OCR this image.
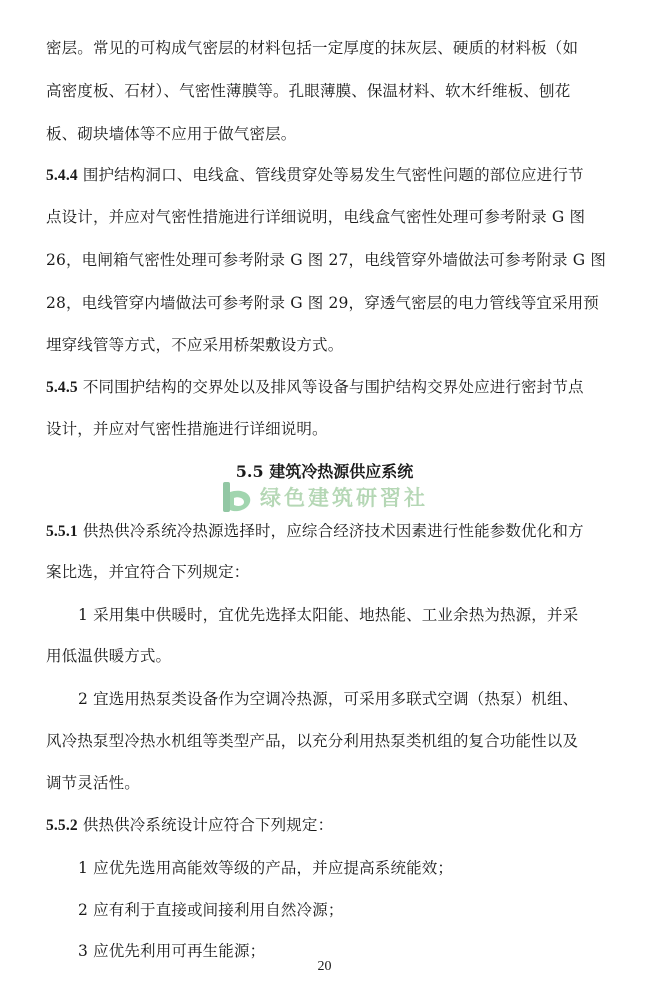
密层。常见的可构成气密层的材料包括一定厚度的抹灰层、硬质的材料板（如
高密度板、石材）、气密性薄膜等。孔眼薄膜、保温材料、软木纤维板、刨花
板、砌块墙体等不应用于做气密层。
5.4.4 围护结构洞口、电线盒、管线贯穿处等易发生气密性问题的部位应进行节
点设计，并应对气密性措施进行详细说明，电线盒气密性处理可参考附录 G 图
26，电闸箱气密性处理可参考附录 G 图 27，电线管穿外墙做法可参考附录 G 图
28，电线管穿内墙做法可参考附录 G 图 29，穿透气密层的电力管线等宜采用预
埋穿线管等方式，不应采用桥架敷设方式。
5.4.5 不同围护结构的交界处以及排风等设备与围护结构交界处应进行密封节点
设计，并应对气密性措施进行详细说明。
5.5 建筑冷热源供应系统
绿色建筑研習社
5.5.1 供热供冷系统冷热源选择时，应综合经济技术因素进行性能参数优化和方
案比选，并宜符合下列规定：
1 采用集中供暖时，宜优先选择太阳能、地热能、工业余热为热源，并采
用低温供暖方式。
2 宜选用热泵类设备作为空调冷热源，可采用多联式空调（热泵）机组、
风冷热泵型冷热水机组等类型产品，以充分利用热泵类机组的复合功能性以及
调节灵活性。
5.5.2 供热供冷系统设计应符合下列规定：
1 应优先选用高能效等级的产品，并应提高系统能效；
2 应有利于直接或间接利用自然冷源；
3 应优先利用可再生能源；
20
